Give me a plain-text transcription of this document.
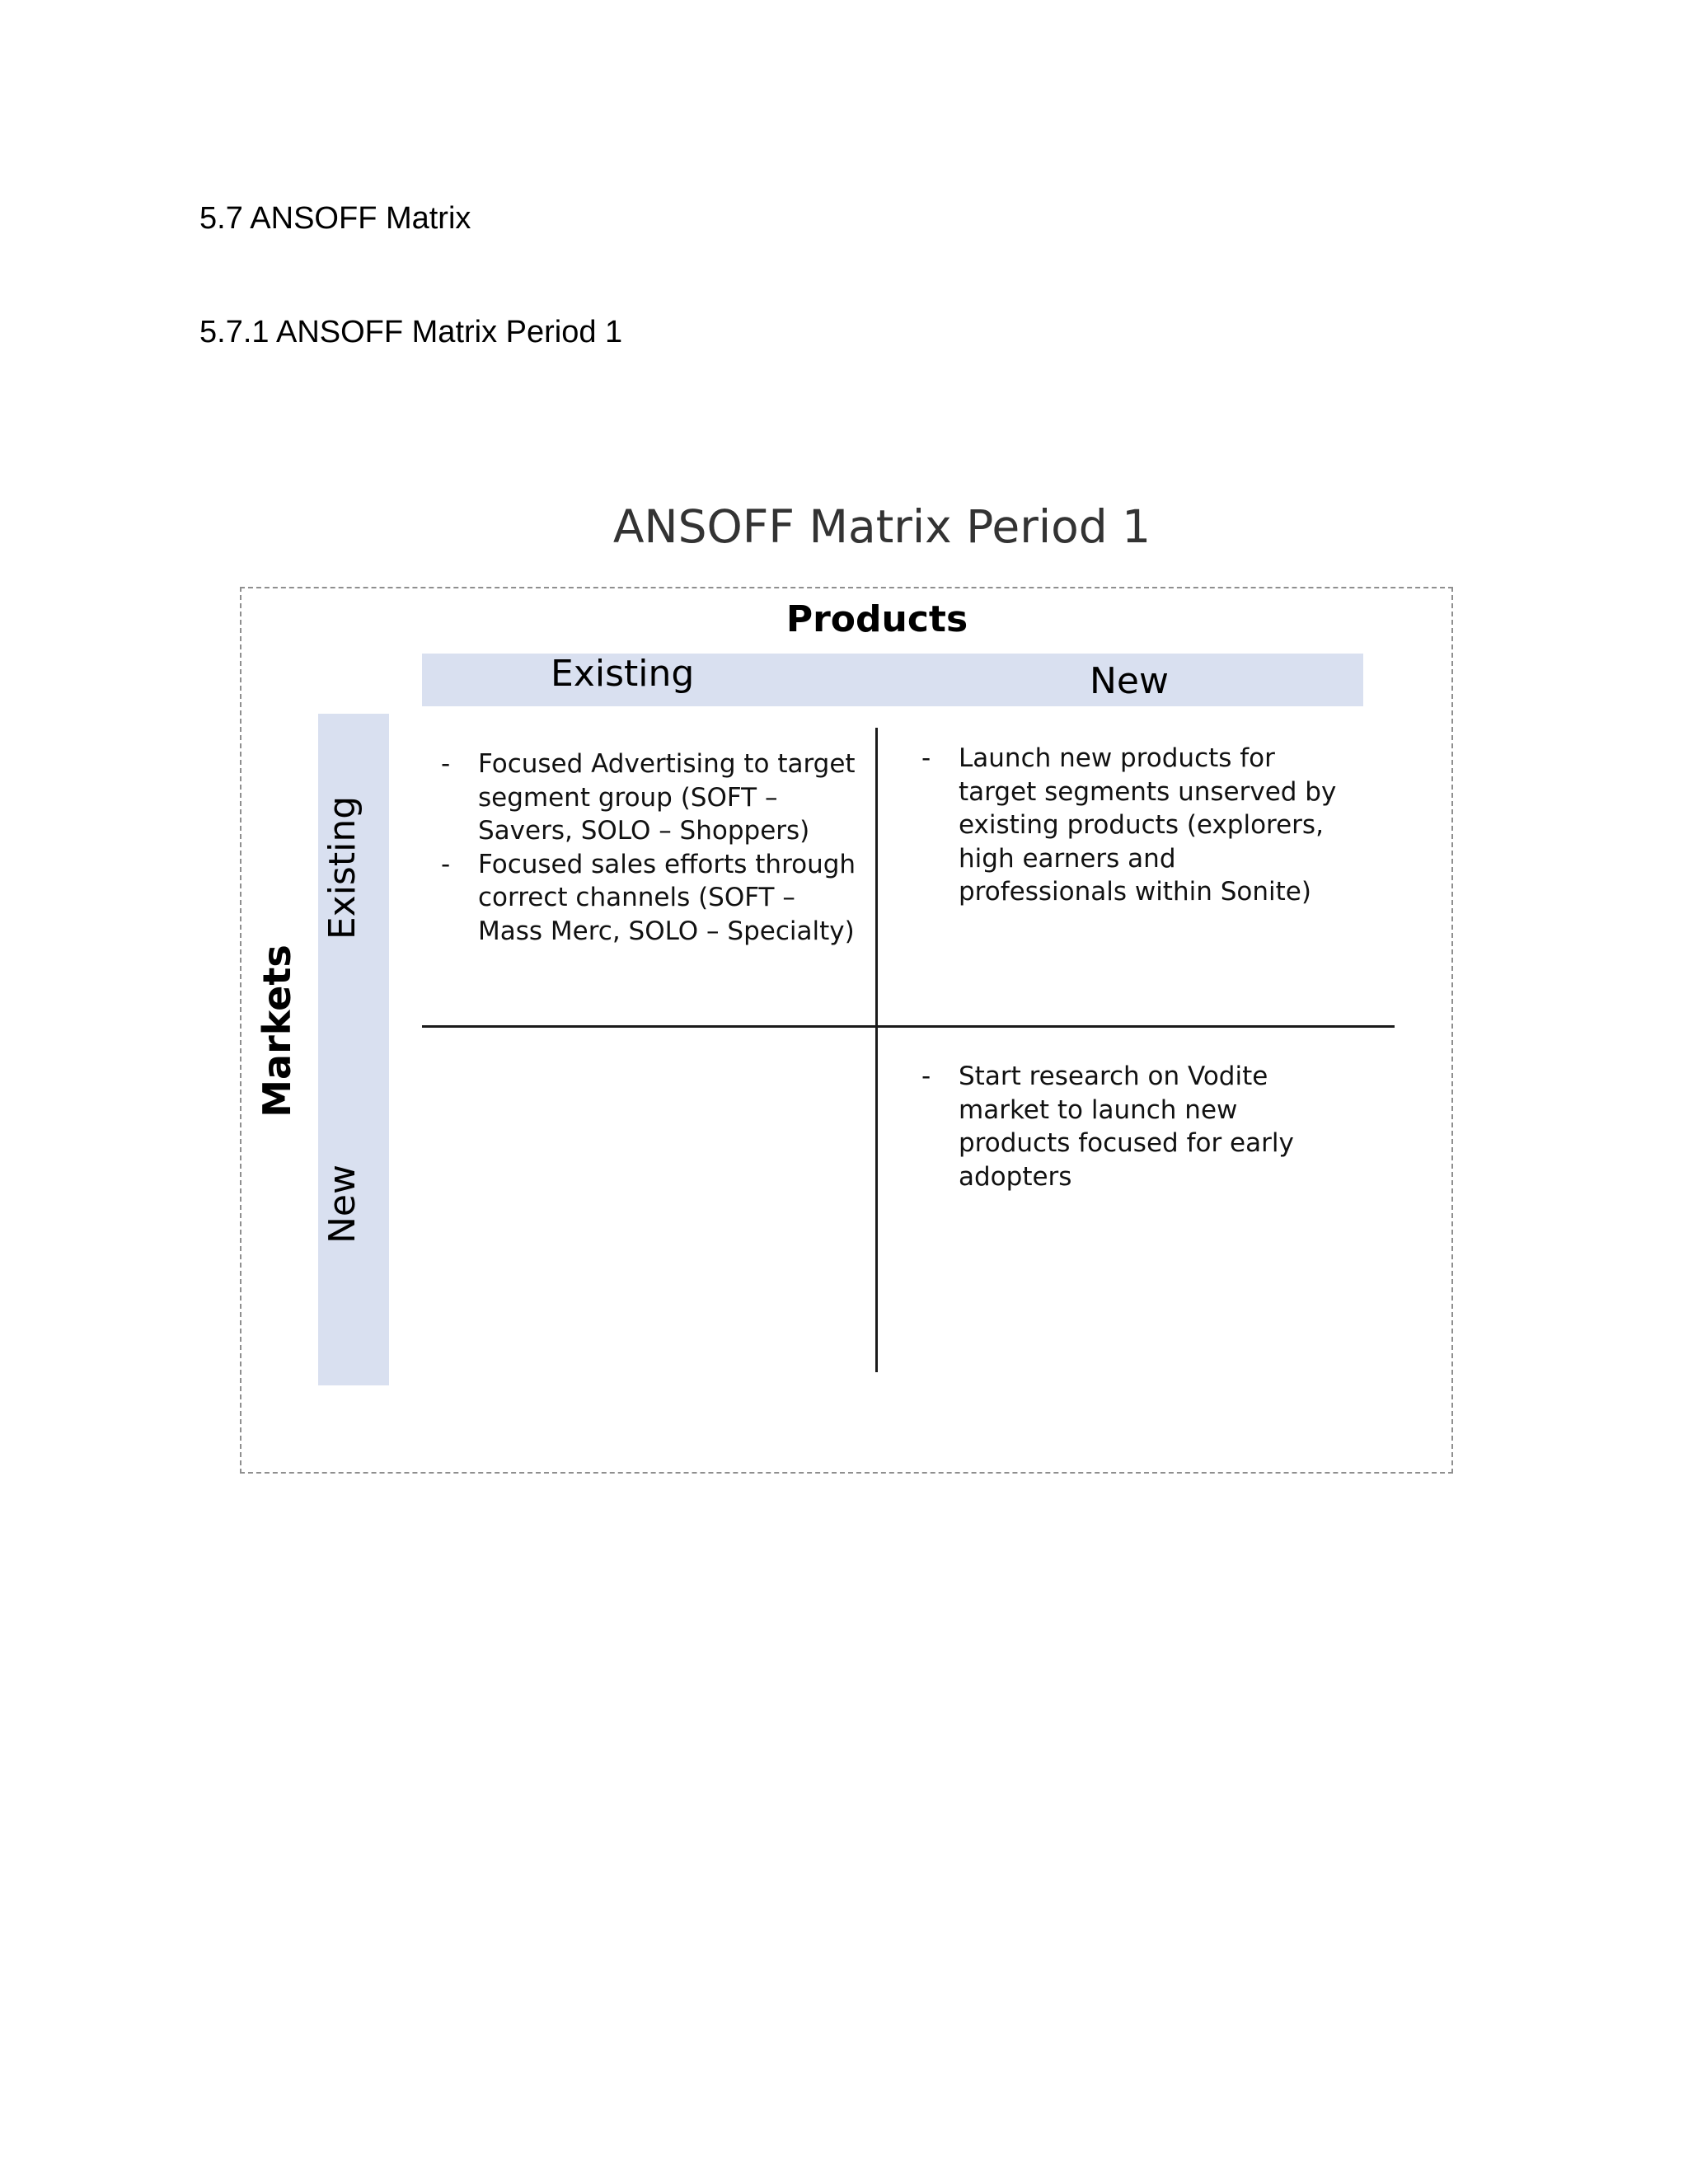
5.7 ANSOFF Matrix
5.7.1 ANSOFF Matrix Period 1
ANSOFF Matrix Period 1
Products
Existing	New
Markets
Existing
New
- Focused Advertising to target segment group (SOFT – Savers, SOLO – Shoppers)
- Focused sales efforts through correct channels (SOFT – Mass Merc, SOLO – Specialty)
- Launch new products for target segments unserved by existing products (explorers, high earners and professionals within Sonite)
- Start research on Vodite market to launch new products focused for early adopters
